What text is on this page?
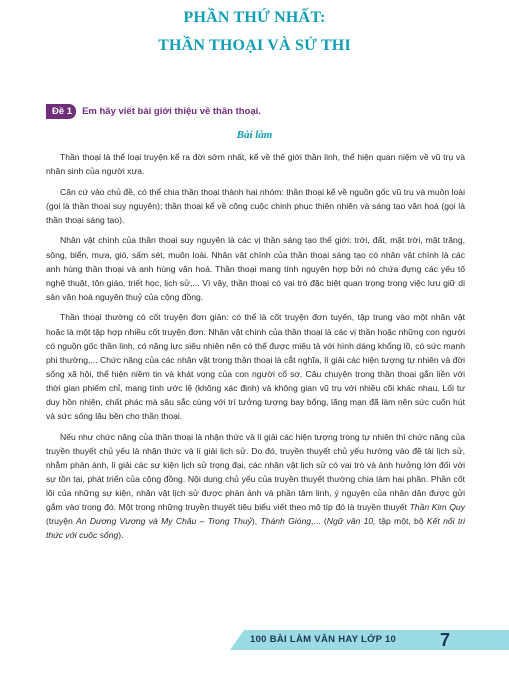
PHẦN THỨ NHẤT:
THẦN THOẠI VÀ SỬ THI
Đề 1	Em hãy viết bài giới thiệu về thần thoại.
Bài làm

Thần thoại là thể loại truyện kể ra đời sớm nhất, kể về thế giới thần linh, thể hiện quan niệm về vũ trụ và nhân sinh của người xưa.

Căn cứ vào chủ đề, có thể chia thần thoại thành hai nhóm: thần thoại kể về nguồn gốc vũ trụ và muôn loài (gọi là thần thoại suy nguyên); thần thoại kể về công cuộc chinh phục thiên nhiên và sáng tạo văn hoá (gọi là thần thoại sáng tạo).

Nhân vật chính của thần thoại suy nguyên là các vị thần sáng tạo thế giới: trời, đất, mặt trời, mặt trăng, sông, biển, mưa, gió, sấm sét, muôn loài. Nhân vật chính của thần thoại sáng tạo có nhân vật chính là các anh hùng thần thoại và anh hùng văn hoá. Thần thoại mang tính nguyên hợp bởi nó chứa đựng các yếu tố nghệ thuật, tôn giáo, triết học, lịch sử,... Vì vậy, thần thoại có vai trò đặc biệt quan trọng trong việc lưu giữ di sản văn hoá nguyên thuỷ của cộng đồng.

Thần thoại thường có cốt truyện đơn giản: có thể là cốt truyện đơn tuyến, tập trung vào một nhân vật hoặc là một tập hợp nhiều cốt truyện đơn. Nhân vật chính của thần thoại là các vị thần hoặc những con người có nguồn gốc thần linh, có năng lực siêu nhiên nên có thể được miêu tả với hình dáng khổng lồ, có sức mạnh phi thường,... Chức năng của các nhân vật trong thần thoại là cắt nghĩa, lí giải các hiện tượng tự nhiên và đời sống xã hội, thể hiện niềm tin và khát vọng của con người cổ sơ. Câu chuyện trong thần thoại gắn liền với thời gian phiếm chỉ, mang tính ước lệ (không xác định) và không gian vũ trụ với nhiều cõi khác nhau. Lối tư duy hồn nhiên, chất phác mà sâu sắc cùng với trí tưởng tượng bay bổng, lãng mạn đã làm nên sức cuốn hút và sức sống lâu bền cho thần thoại.

Nếu như chức năng của thần thoại là nhận thức và lí giải các hiện tượng trong tự nhiên thì chức năng của truyền thuyết chủ yếu là nhận thức và lí giải lịch sử. Do đó, truyền thuyết chủ yếu hướng vào đề tài lịch sử, nhằm phản ánh, lí giải các sự kiện lịch sử trọng đại, các nhân vật lịch sử có vai trò và ảnh hưởng lớn đối với sự tồn tại, phát triển của cộng đồng. Nội dung chủ yếu của truyền thuyết thường chia làm hai phần. Phần cốt lõi của những sự kiện, nhân vật lịch sử được phản ánh và phần tâm linh, ý nguyện của nhân dân được gửi gắm vào trong đó. Một trong những truyền thuyết tiêu biểu viết theo mô típ đó là truyền thuyết Thần Kim Quy (truyện An Dương Vương và Mỵ Châu – Trọng Thuỷ), Thánh Gióng,... (Ngữ văn 10, tập một, bộ Kết nối tri thức với cuộc sống).

100 BÀI LÀM VĂN HAY LỚP 10	7
